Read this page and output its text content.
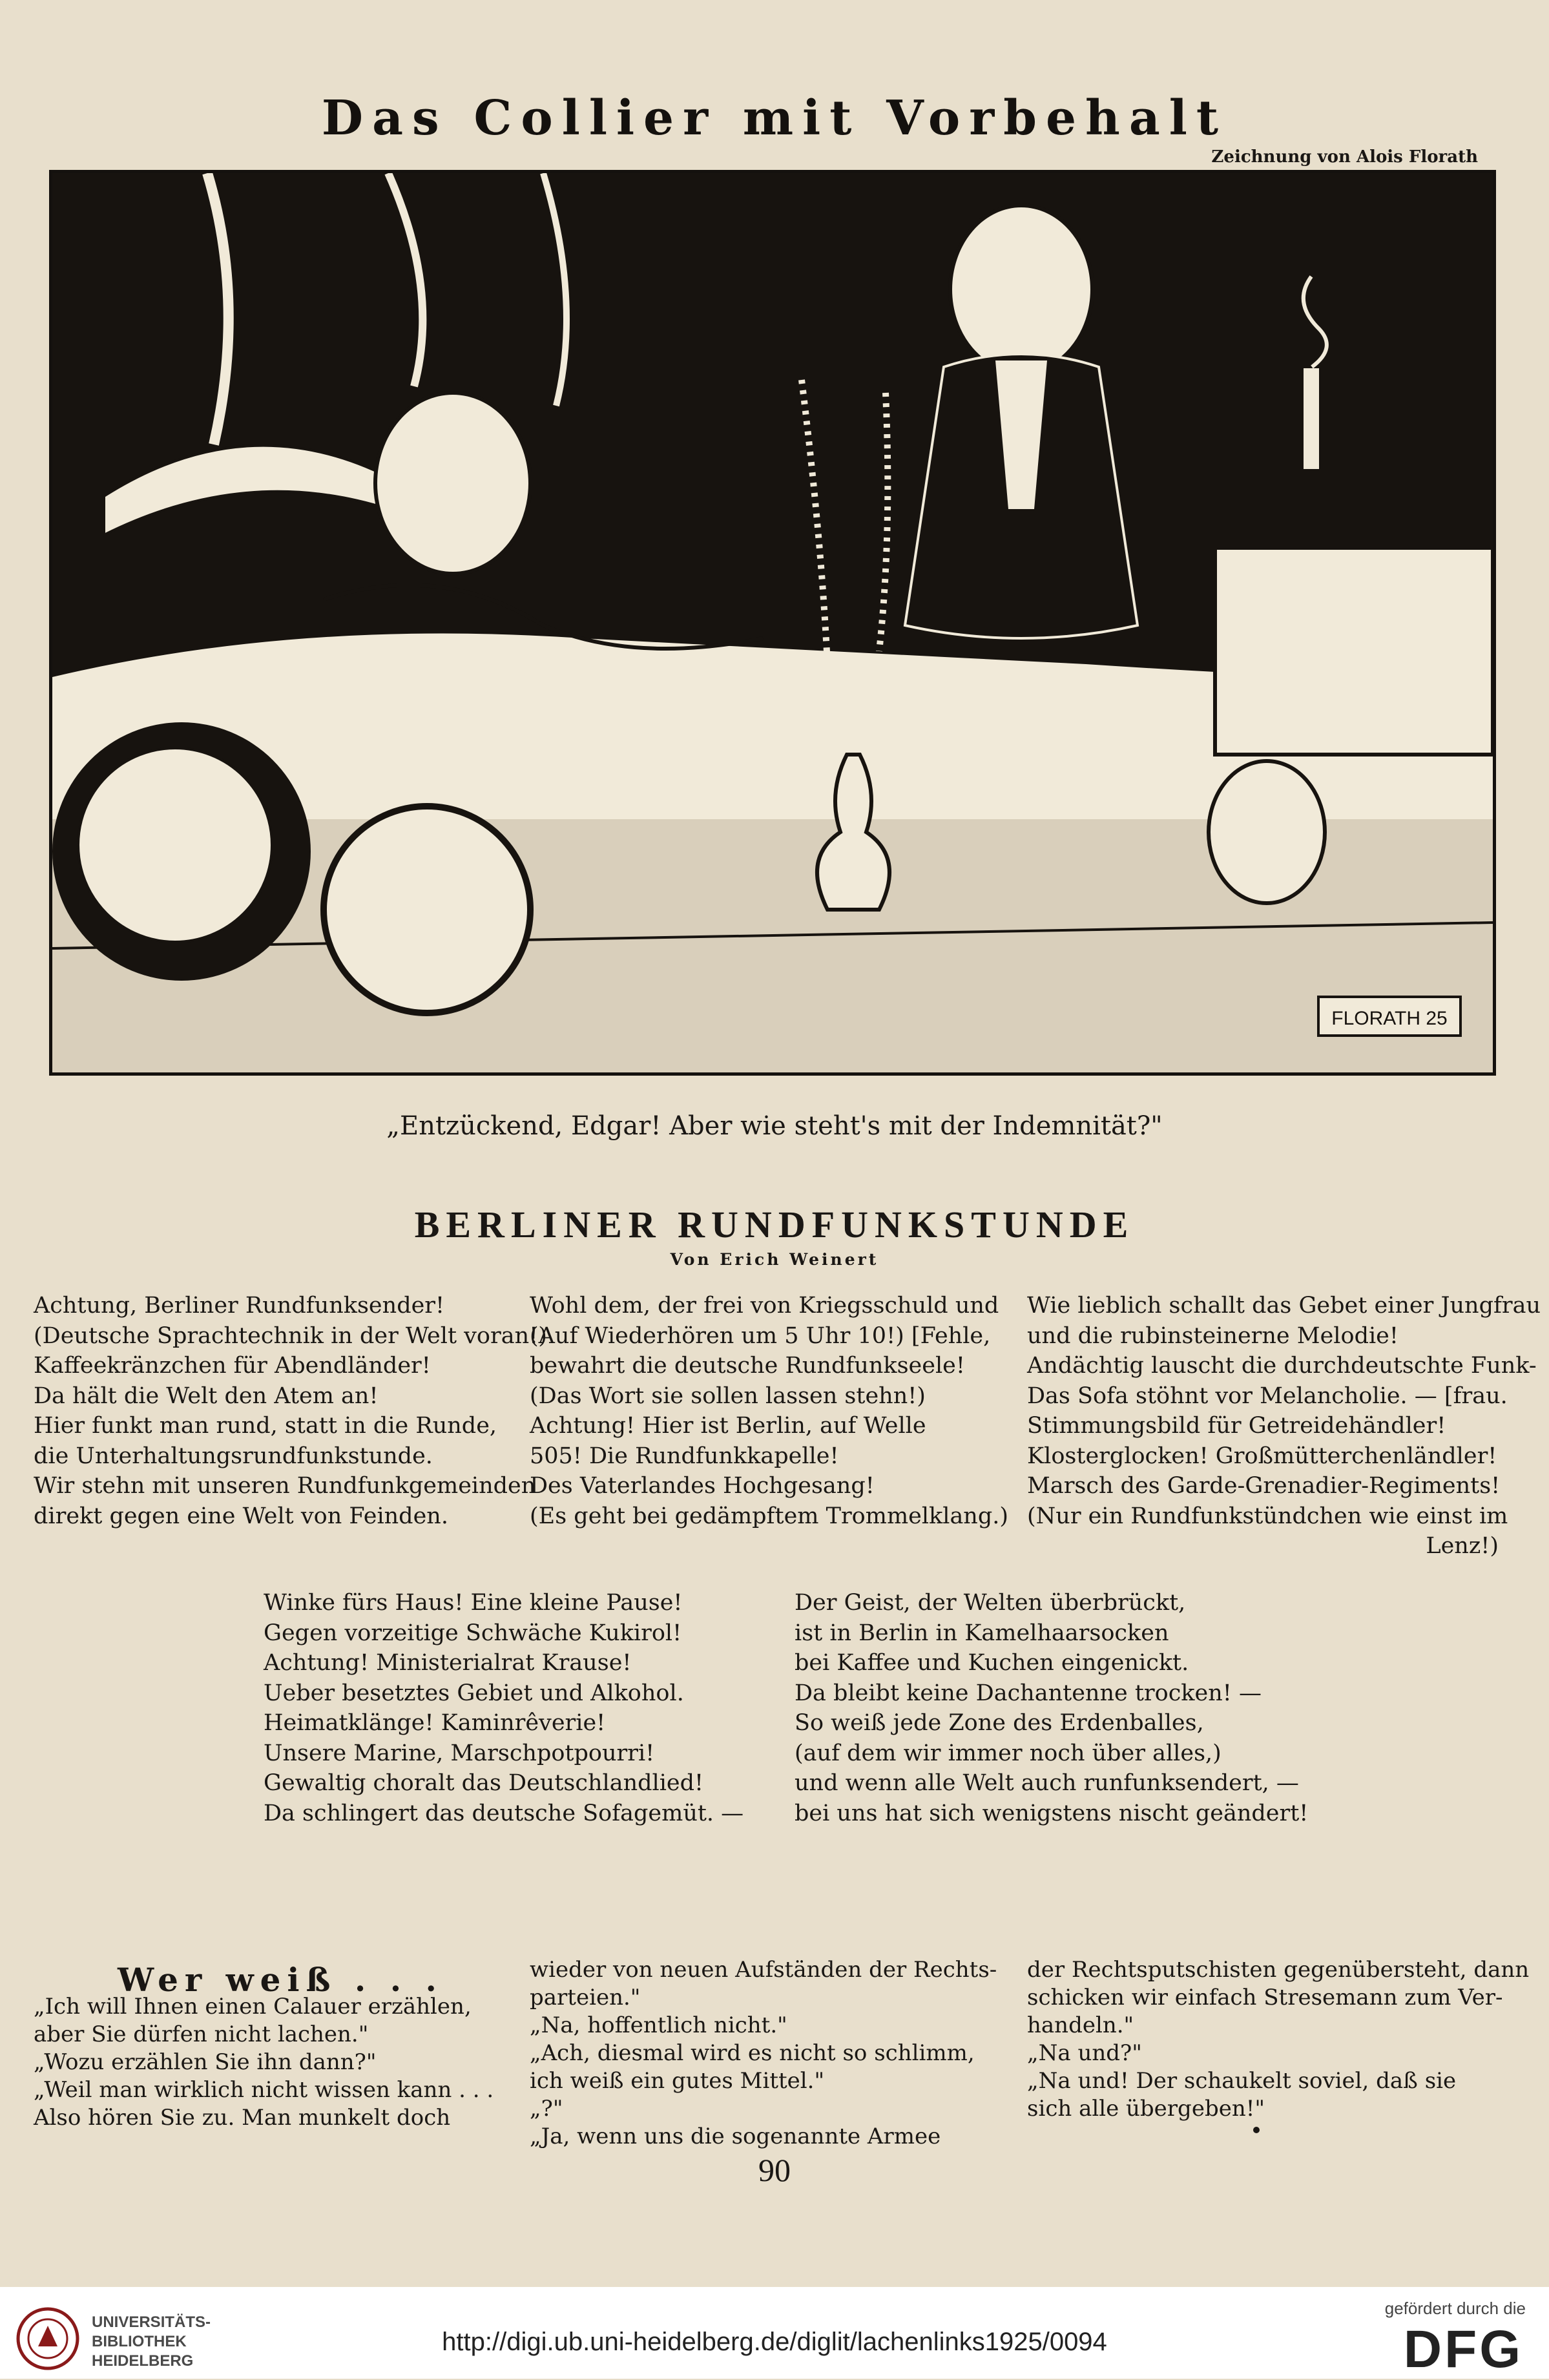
Das Collier mit Vorbehalt
Zeichnung von Alois Florath
FLORATH 25
„Entzückend, Edgar! Aber wie steht's mit der Indemnität?"
BERLINER RUNDFUNKSTUNDE
Von Erich Weinert
Achtung, Berliner Rundfunksender!
(Deutsche Sprachtechnik in der Welt voran!)
Kaffeekränzchen für Abendländer!
Da hält die Welt den Atem an!
Hier funkt man rund, statt in die Runde,
die Unterhaltungsrundfunkstunde.
Wir stehn mit unseren Rundfunkgemeinden
direkt gegen eine Welt von Feinden.
Wohl dem, der frei von Kriegsschuld und
(Auf Wiederhören um 5 Uhr 10!) [Fehle,
bewahrt die deutsche Rundfunkseele!
(Das Wort sie sollen lassen stehn!)
Achtung! Hier ist Berlin, auf Welle
505! Die Rundfunkkapelle!
Des Vaterlandes Hochgesang!
(Es geht bei gedämpftem Trommelklang.)
Wie lieblich schallt das Gebet einer Jungfrau
und die rubinsteinerne Melodie!
Andächtig lauscht die durchdeutschte Funk-
Das Sofa stöhnt vor Melancholie. — [frau.
Stimmungsbild für Getreidehändler!
Klosterglocken! Großmütterchenländler!
Marsch des Garde-Grenadier-Regiments!
(Nur ein Rundfunkstündchen wie einst im
Lenz!)
Winke fürs Haus! Eine kleine Pause!
Gegen vorzeitige Schwäche Kukirol!
Achtung! Ministerialrat Krause!
Ueber besetztes Gebiet und Alkohol.
Heimatklänge! Kaminrêverie!
Unsere Marine, Marschpotpourri!
Gewaltig choralt das Deutschlandlied!
Da schlingert das deutsche Sofagemüt. —
Der Geist, der Welten überbrückt,
ist in Berlin in Kamelhaarsocken
bei Kaffee und Kuchen eingenickt.
Da bleibt keine Dachantenne trocken! —
So weiß jede Zone des Erdenballes,
(auf dem wir immer noch über alles,)
und wenn alle Welt auch runfunksendert, —
bei uns hat sich wenigstens nischt geändert!
Wer weiß . . .
„Ich will Ihnen einen Calauer erzählen,
aber Sie dürfen nicht lachen."
„Wozu erzählen Sie ihn dann?"
„Weil man wirklich nicht wissen kann . . .
Also hören Sie zu. Man munkelt doch
wieder von neuen Aufständen der Rechts-
parteien."
„Na, hoffentlich nicht."
„Ach, diesmal wird es nicht so schlimm,
ich weiß ein gutes Mittel."
„?"
„Ja, wenn uns die sogenannte Armee
der Rechtsputschisten gegenübersteht, dann
schicken wir einfach Stresemann zum Ver-
handeln."
„Na und?"
„Na und! Der schaukelt soviel, daß sie
sich alle übergeben!"
90
UNIVERSITÄTS-
BIBLIOTHEK
HEIDELBERG
http://digi.ub.uni-heidelberg.de/diglit/lachenlinks1925/0094
gefördert durch die
DFG
